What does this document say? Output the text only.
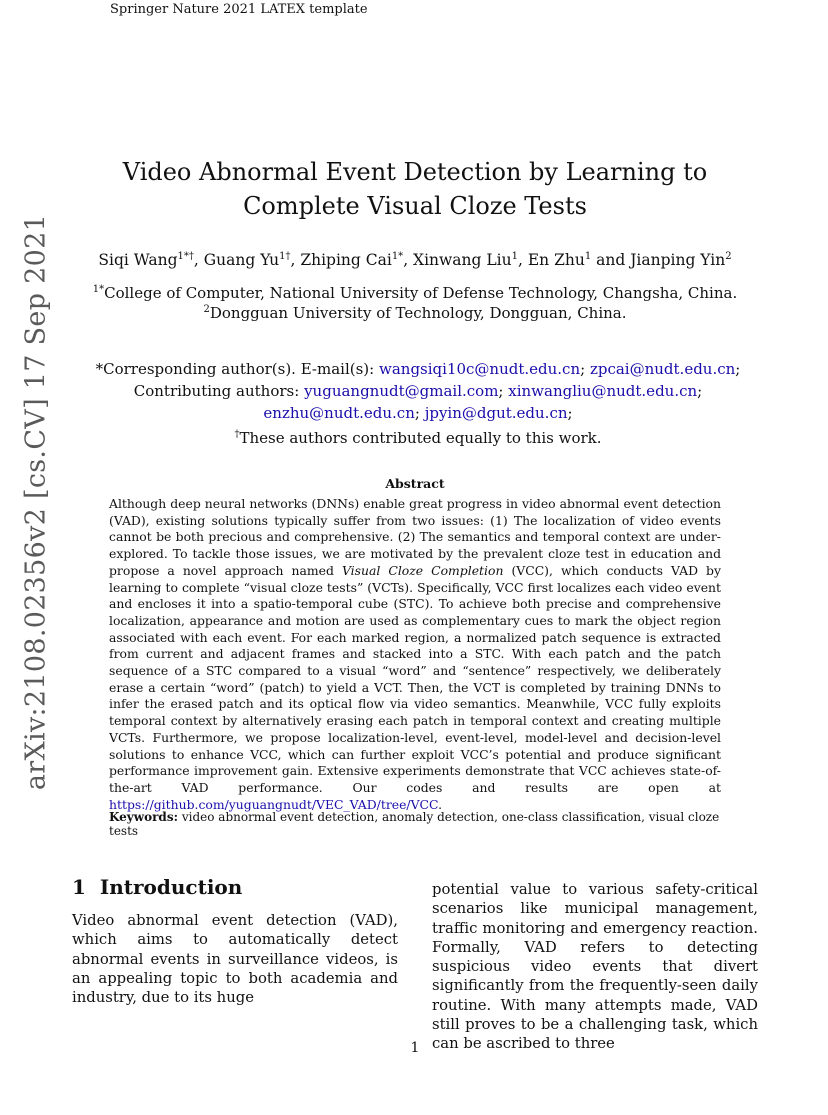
Springer Nature 2021 LATEX template
arXiv:2108.02356v2 [cs.CV] 17 Sep 2021
Video Abnormal Event Detection by Learning to Complete Visual Cloze Tests
Siqi Wang$^{1*\dagger}$, Guang $Yu^{1\dagger}$, Zhiping Cai$^{1*}$, Xinwang Liu$^1$, En Zhu$^1$ and Jianping Yin$^2$
$^{1*}$College of Computer, National University of Defense Technology, Changsha, China.
$^2$Dongguan University of Technology, Dongguan, China.
*Corresponding author(s). E-mail(s): wangsiqi10c@nudt.edu.cn; zpcai@nudt.edu.cn;
Contributing authors: yuguangnudt@gmail.com; xinwangliu@nudt.edu.cn;
enzhu@nudt.edu.cn; jpyin@dgut.edu.cn;
†These authors contributed equally to this work.
Abstract
Although deep neural networks (DNNs) enable great progress in video abnormal event detection (VAD), existing solutions typically suffer from two issues: (1) The localization of video events cannot be both precious and comprehensive. (2) The semantics and temporal context are under-explored. To tackle those issues, we are motivated by the prevalent cloze test in education and propose a novel approach named Visual Cloze Completion (VCC), which conducts VAD by learning to complete “visual cloze tests” (VCTs). Specifically, VCC first localizes each video event and encloses it into a spatio-temporal cube (STC). To achieve both precise and comprehensive localization, appearance and motion are used as complementary cues to mark the object region associated with each event. For each marked region, a normalized patch sequence is extracted from current and adjacent frames and stacked into a STC. With each patch and the patch sequence of a STC compared to a visual “word” and “sentence” respectively, we deliberately erase a certain “word” (patch) to yield a VCT. Then, the VCT is completed by training DNNs to infer the erased patch and its optical flow via video semantics. Meanwhile, VCC fully exploits temporal context by alternatively erasing each patch in temporal context and creating multiple VCTs. Furthermore, we propose localization-level, event-level, model-level and decision-level solutions to enhance VCC, which can further exploit VCC’s potential and produce significant performance improvement gain. Extensive experiments demonstrate that VCC achieves state-of-the-art VAD performance. Our codes and results are open at https://github.com/yuguangnudt/VEC_VAD/tree/VCC.
Keywords: video abnormal event detection, anomaly detection, one-class classification, visual cloze tests
1 Introduction
Video abnormal event detection (VAD), which aims to automatically detect abnormal events in surveillance videos, is an appealing topic to both academia and industry, due to its huge
potential value to various safety-critical scenarios like municipal management, traffic monitoring and emergency reaction. Formally, VAD refers to detecting suspicious video events that divert significantly from the frequently-seen daily routine. With many attempts made, VAD still proves to be a challenging task, which can be ascribed to three
1
